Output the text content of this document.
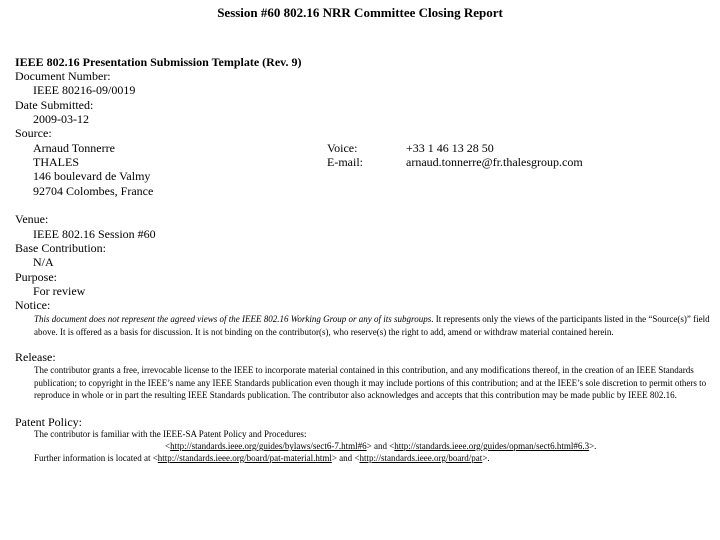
Session #60 802.16 NRR Committee Closing Report
IEEE 802.16 Presentation Submission Template (Rev. 9)
Document Number:
IEEE 80216-09/0019
Date Submitted:
2009-03-12
Source:
Arnaud Tonnerre
THALES
146 boulevard de Valmy
92704 Colombes, France
Voice:
E-mail:
+33 1 46 13 28 50
arnaud.tonnerre@fr.thalesgroup.com
Venue:
IEEE 802.16 Session #60
Base Contribution:
N/A
Purpose:
For review
Notice:
This document does not represent the agreed views of the IEEE 802.16 Working Group or any of its subgroups. It represents only the views of the participants listed in the “Source(s)” field above. It is offered as a basis for discussion. It is not binding on the contributor(s), who reserve(s) the right to add, amend or withdraw material contained herein.
Release:
The contributor grants a free, irrevocable license to the IEEE to incorporate material contained in this contribution, and any modifications thereof, in the creation of an IEEE Standards publication; to copyright in the IEEE’s name any IEEE Standards publication even though it may include portions of this contribution; and at the IEEE’s sole discretion to permit others to reproduce in whole or in part the resulting IEEE Standards publication. The contributor also acknowledges and accepts that this contribution may be made public by IEEE 802.16.
Patent Policy:
The contributor is familiar with the IEEE-SA Patent Policy and Procedures:
<http://standards.ieee.org/guides/bylaws/sect6-7.html#6> and <http://standards.ieee.org/guides/opman/sect6.html#6.3>.
Further information is located at <http://standards.ieee.org/board/pat-material.html> and <http://standards.ieee.org/board/pat>.
